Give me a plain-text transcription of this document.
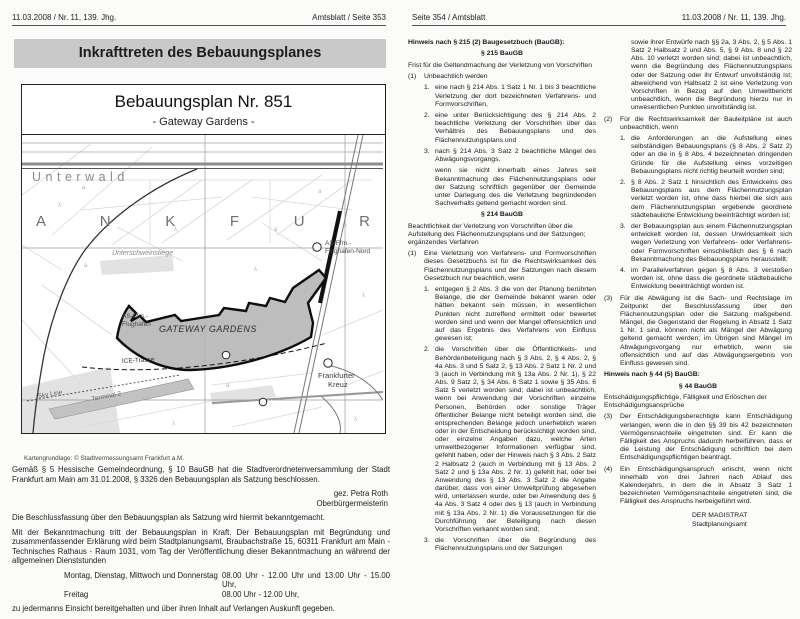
11.03.2008 / Nr. 11, 139. Jhg.	Amtsblatt / Seite 353
Inkrafttreten des Bebauungsplanes
Bebauungsplan Nr. 851
- Gateway Gardens -
λ
λ	a
λ
a
λ
λ
a
λ
λ
a
a
Unterwald
A N K F U R
Unterschweinstiege
AS-Ffm.-
Flughafen-Nord
AS-Ffm.-
Flughafen GATEWAY GARDENS
ICE-Trasse
Sky Line	Terminal 2
Frankfurter
Kreuz
Kartengrundlage: © Stadtvermessungsamt Frankfurt a.M.

Gemäß § 5 Hessische Gemeindeordnung, § 10 BauGB hat die Stadtverordnetenversammlung der Stadt Frankfurt am Main am 31.01.2008, § 3326 den Bebauungsplan als Satzung beschlossen.

gez. Petra Roth
Oberbürgermeisterin

Die Beschlussfassung über den Bebauungsplan als Satzung wird hiermit bekanntgemacht.

Mit der Bekanntmachung tritt der Bebauungsplan in Kraft. Der Bebauungsplan mit Begründung und zusammenfassender Erklärung wird beim Stadtplanungsamt, Braubachstraße 15, 60311 Frankfurt am Main - Technisches Rathaus - Raum 1031, vom Tag der Veröffentlichung dieser Bekanntmachung an während der allgemeinen Dienststunden

Montag, Dienstag, Mittwoch und Donnerstag 08.00 Uhr - 12.00 Uhr und 13.00 Uhr - 15.00 Uhr,
Freitag	08.00 Uhr - 12.00 Uhr,

zu jedermanns Einsicht bereitgehalten und über ihren Inhalt auf Verlangen Auskunft gegeben.

Seite 354 / Amtsblatt	11.03.2008 / Nr. 11, 139. Jhg.
Hinweis nach § 215 (2) Baugesetzbuch (BauGB):
§ 215 BauGB
Frist für die Geltendmachung der Verletzung von Vorschriften
(1)	Unbeachtlich werden
1. eine nach § 214 Abs. 1 Satz 1 Nr. 1 bis 3 beachtliche Verletzung der dort bezeichneten Verfahrens- und Formvorschriften,
2. eine unter Berücksichtigung des § 214 Abs. 2 beachtliche Verletzung der Vorschriften über das Verhältnis des Bebauungsplans und des Flächennutzungsplans und
3. nach § 214 Abs. 3 Satz 2 beachtliche Mängel des Abwägungsvorgangs,
wenn sie nicht innerhalb eines Jahres seit Bekanntmachung des Flächennutzungsplans oder der Satzung schriftlich gegenüber der Gemeinde unter Darlegung des die Verletzung begründenden Sachverhalts geltend gemacht worden sind.
§ 214 BauGB
Beachtlichkeit der Verletzung von Vorschriften über die Aufstellung des Flächennutzungsplans und der Satzungen; ergänzendes Verfahren
(1)	Eine Verletzung von Verfahrens- und Formvorschriften dieses Gesetzbuchs ist für die Rechtswirksamkeit des Flächennutzungsplans und der Satzungen nach diesem Gesetzbuch nur beachtlich, wenn
1. entgegen § 2 Abs. 3 die von der Planung berührten Belange, die der Gemeinde bekannt waren oder hätten bekannt sein müssen, in wesentlichen Punkten nicht zutreffend ermittelt oder bewertet worden sind und wenn der Mangel offensichtlich und auf das Ergebnis des Verfahrens von Einfluss gewesen ist;
2. die Vorschriften über die Öffentlichkeits- und Behördenbeteiligung nach § 3 Abs. 2, § 4 Abs. 2, § 4a Abs. 3 und 5 Satz 2, § 13 Abs. 2 Satz 1 Nr. 2 und 3 (auch in Verbindung mit § 13a Abs. 2 Nr. 1), § 22 Abs. 9 Satz 2, § 34 Abs. 6 Satz 1 sowie § 35 Abs. 6 Satz 5 verletzt worden sind; dabei ist unbeachtlich, wenn bei Anwendung der Vorschriften einzelne Personen, Behörden oder sonstige Träger öffentlicher Belange nicht beteiligt worden sind, die entsprechenden Belange jedoch unerheblich waren oder in der Entscheidung berücksichtigt worden sind, oder einzelne Angaben dazu, welche Arten umweltbezogener Informationen verfügbar sind, gefehlt haben, oder der Hinweis nach § 3 Abs. 2 Satz 2 Halbsatz 2 (auch in Verbindung mit § 13 Abs. 2 Satz 2 und § 13a Abs. 2 Nr. 1) gefehlt hat, oder bei Anwendung des § 13 Abs. 3 Satz 2 die Angabe darüber, dass von einer Umweltprüfung abgesehen wird, unterlassen wurde, oder bei Anwendung des § 4a Abs. 3 Satz 4 oder des § 13 (auch in Verbindung mit § 13a Abs. 2 Nr. 1) die Voraussetzungen für die Durchführung der Beteiligung nach diesen Vorschriften verkannt worden sind;
3. die Vorschriften über die Begründung des Flächennutzungsplans und der Satzungen
sowie ihrer Entwürfe nach §§ 2a, 3 Abs. 2, § 5 Abs. 1 Satz 2 Halbsatz 2 und Abs. 5, § 9 Abs. 8 und § 22 Abs. 10 verletzt worden sind; dabei ist unbeachtlich, wenn die Begründung des Flächennutzungsplans oder der Satzung oder ihr Entwurf unvollständig ist; abweichend von Halbsatz 2 ist eine Verletzung von Vorschriften in Bezug auf den Umweltbericht unbeachtlich, wenn die Begründung hierzu nur in unwesentlichen Punkten unvollständig ist.
(2)	Für die Rechtswirksamkeit der Bauleitpläne ist auch unbeachtlich, wenn
1. die Anforderungen an die Aufstellung eines selbständigen Bebauungsplans (§ 8 Abs. 2 Satz 2) oder an die in § 8 Abs. 4 bezeichneten dringenden Gründe für die Aufstellung eines vorzeitigen Bebauungsplans nicht richtig beurteilt worden sind;
2. § 8 Abs. 2 Satz 1 hinsichtlich des Entwickelns des Bebauungsplans aus dem Flächennutzungsplan verletzt worden ist, ohne dass hierbei die sich aus dem Flächennutzungsplan ergebende geordnete städtebauliche Entwicklung beeinträchtigt worden ist;
3. der Bebauungsplan aus einem Flächennutzungsplan entwickelt worden ist, dessen Unwirksamkeit sich wegen Verletzung von Verfahrens- oder Verfahrens- oder Formvorschriften einschließlich des § 6 nach Bekanntmachung des Bebauungsplans herausstellt;
4. im Parallelverfahren gegen § 8 Abs. 3 verstoßen worden ist, ohne dass die geordnete städtebauliche Entwicklung beeinträchtigt worden ist.
(3)	Für die Abwägung ist die Sach- und Rechtslage im Zeitpunkt der Beschlussfassung über den Flächennutzungsplan oder die Satzung maßgebend. Mängel, die Gegenstand der Regelung in Absatz 1 Satz 1 Nr. 1 sind, können nicht als Mängel der Abwägung geltend gemacht werden; im Übrigen sind Mängel im Abwägungsvorgang nur erheblich, wenn sie offensichtlich und auf das Abwägungsergebnis von Einfluss gewesen sind.
Hinweis nach § 44 (5) BauGB:
§ 44 BauGB
Entschädigungspflichtige, Fälligkeit und Erlöschen der Entschädigungsansprüche
(3)	Der Entschädigungsberechtigte kann Entschädigung verlangen, wenn die in den §§ 39 bis 42 bezeichneten Vermögensnachteile eingetreten sind. Er kann die Fälligkeit des Anspruchs dadurch herbeiführen, dass er die Leistung der Entschädigung schriftlich bei dem Entschädigungspflichtigen beantragt.
(4)	Ein Entschädigungsanspruch erlischt, wenn nicht innerhalb von drei Jahren nach Ablauf des Kalenderjahrs, in dem die in Absatz 3 Satz 1 bezeichneten Vermögensnachteile eingetreten sind, die Fälligkeit des Anspruchs herbeigeführt wird.
DER MAGISTRAT
Stadtplanungsamt
